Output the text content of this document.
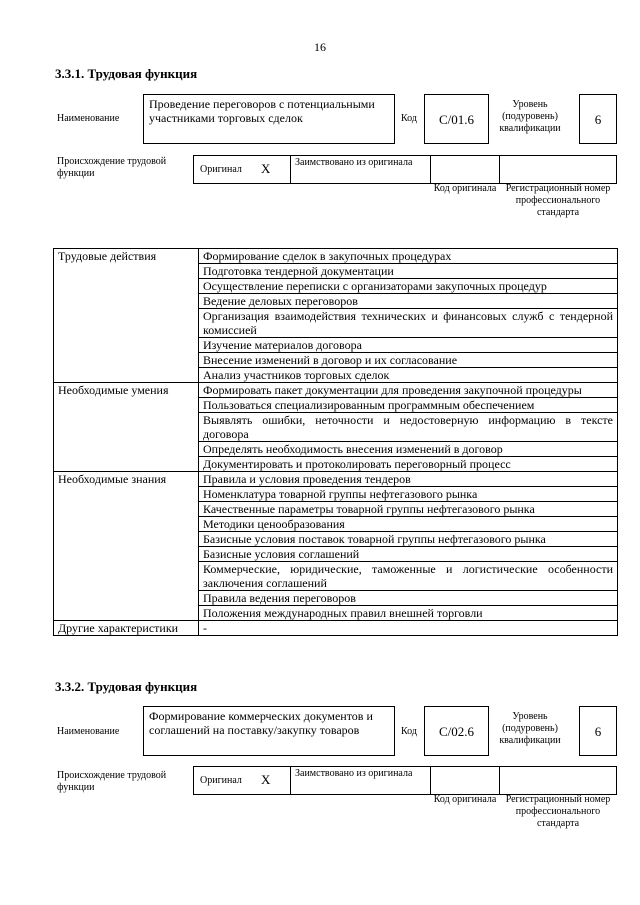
16
3.3.1. Трудовая функция
Наименование
Проведение переговоров с потенциальными участниками торговых сделок	Код	C/01.6
Уровень (подуровень) квалификации
6
Происхождение трудовой функции	Оригинал X	Заимствовано из оригинала
Код оригинала Регистрационный номер профессионального стандарта
Трудовые действия	Формирование сделок в закупочных процедурах
	Подготовка тендерной документации
	Осуществление переписки с организаторами закупочных процедур
	Ведение деловых переговоров
	Организация взаимодействия технических и финансовых служб с тендерной комиссией
	Изучение материалов договора
	Внесение изменений в договор и их согласование
	Анализ участников торговых сделок
Необходимые умения	Формировать пакет документации для проведения закупочной процедуры
	Пользоваться специализированным программным обеспечением
	Выявлять ошибки, неточности и недостоверную информацию в тексте договора
	Определять необходимость внесения изменений в договор
	Документировать и протоколировать переговорный процесс
Необходимые знания	Правила и условия проведения тендеров
	Номенклатура товарной группы нефтегазового рынка
	Качественные параметры товарной группы нефтегазового рынка
	Методики ценообразования
	Базисные условия поставок товарной группы нефтегазового рынка
	Базисные условия соглашений
	Коммерческие, юридические, таможенные и логистические особенности заключения соглашений
	Правила ведения переговоров
	Положения международных правил внешней торговли
Другие характеристики	-
3.3.2. Трудовая функция
Наименование
Формирование коммерческих документов и соглашений на поставку/закупку товаров	Код	C/02.6
Уровень (подуровень) квалификации
6
Происхождение трудовой функции
Оригинал X	Заимствовано из оригинала
Код оригинала Регистрационный номер профессионального стандарта
